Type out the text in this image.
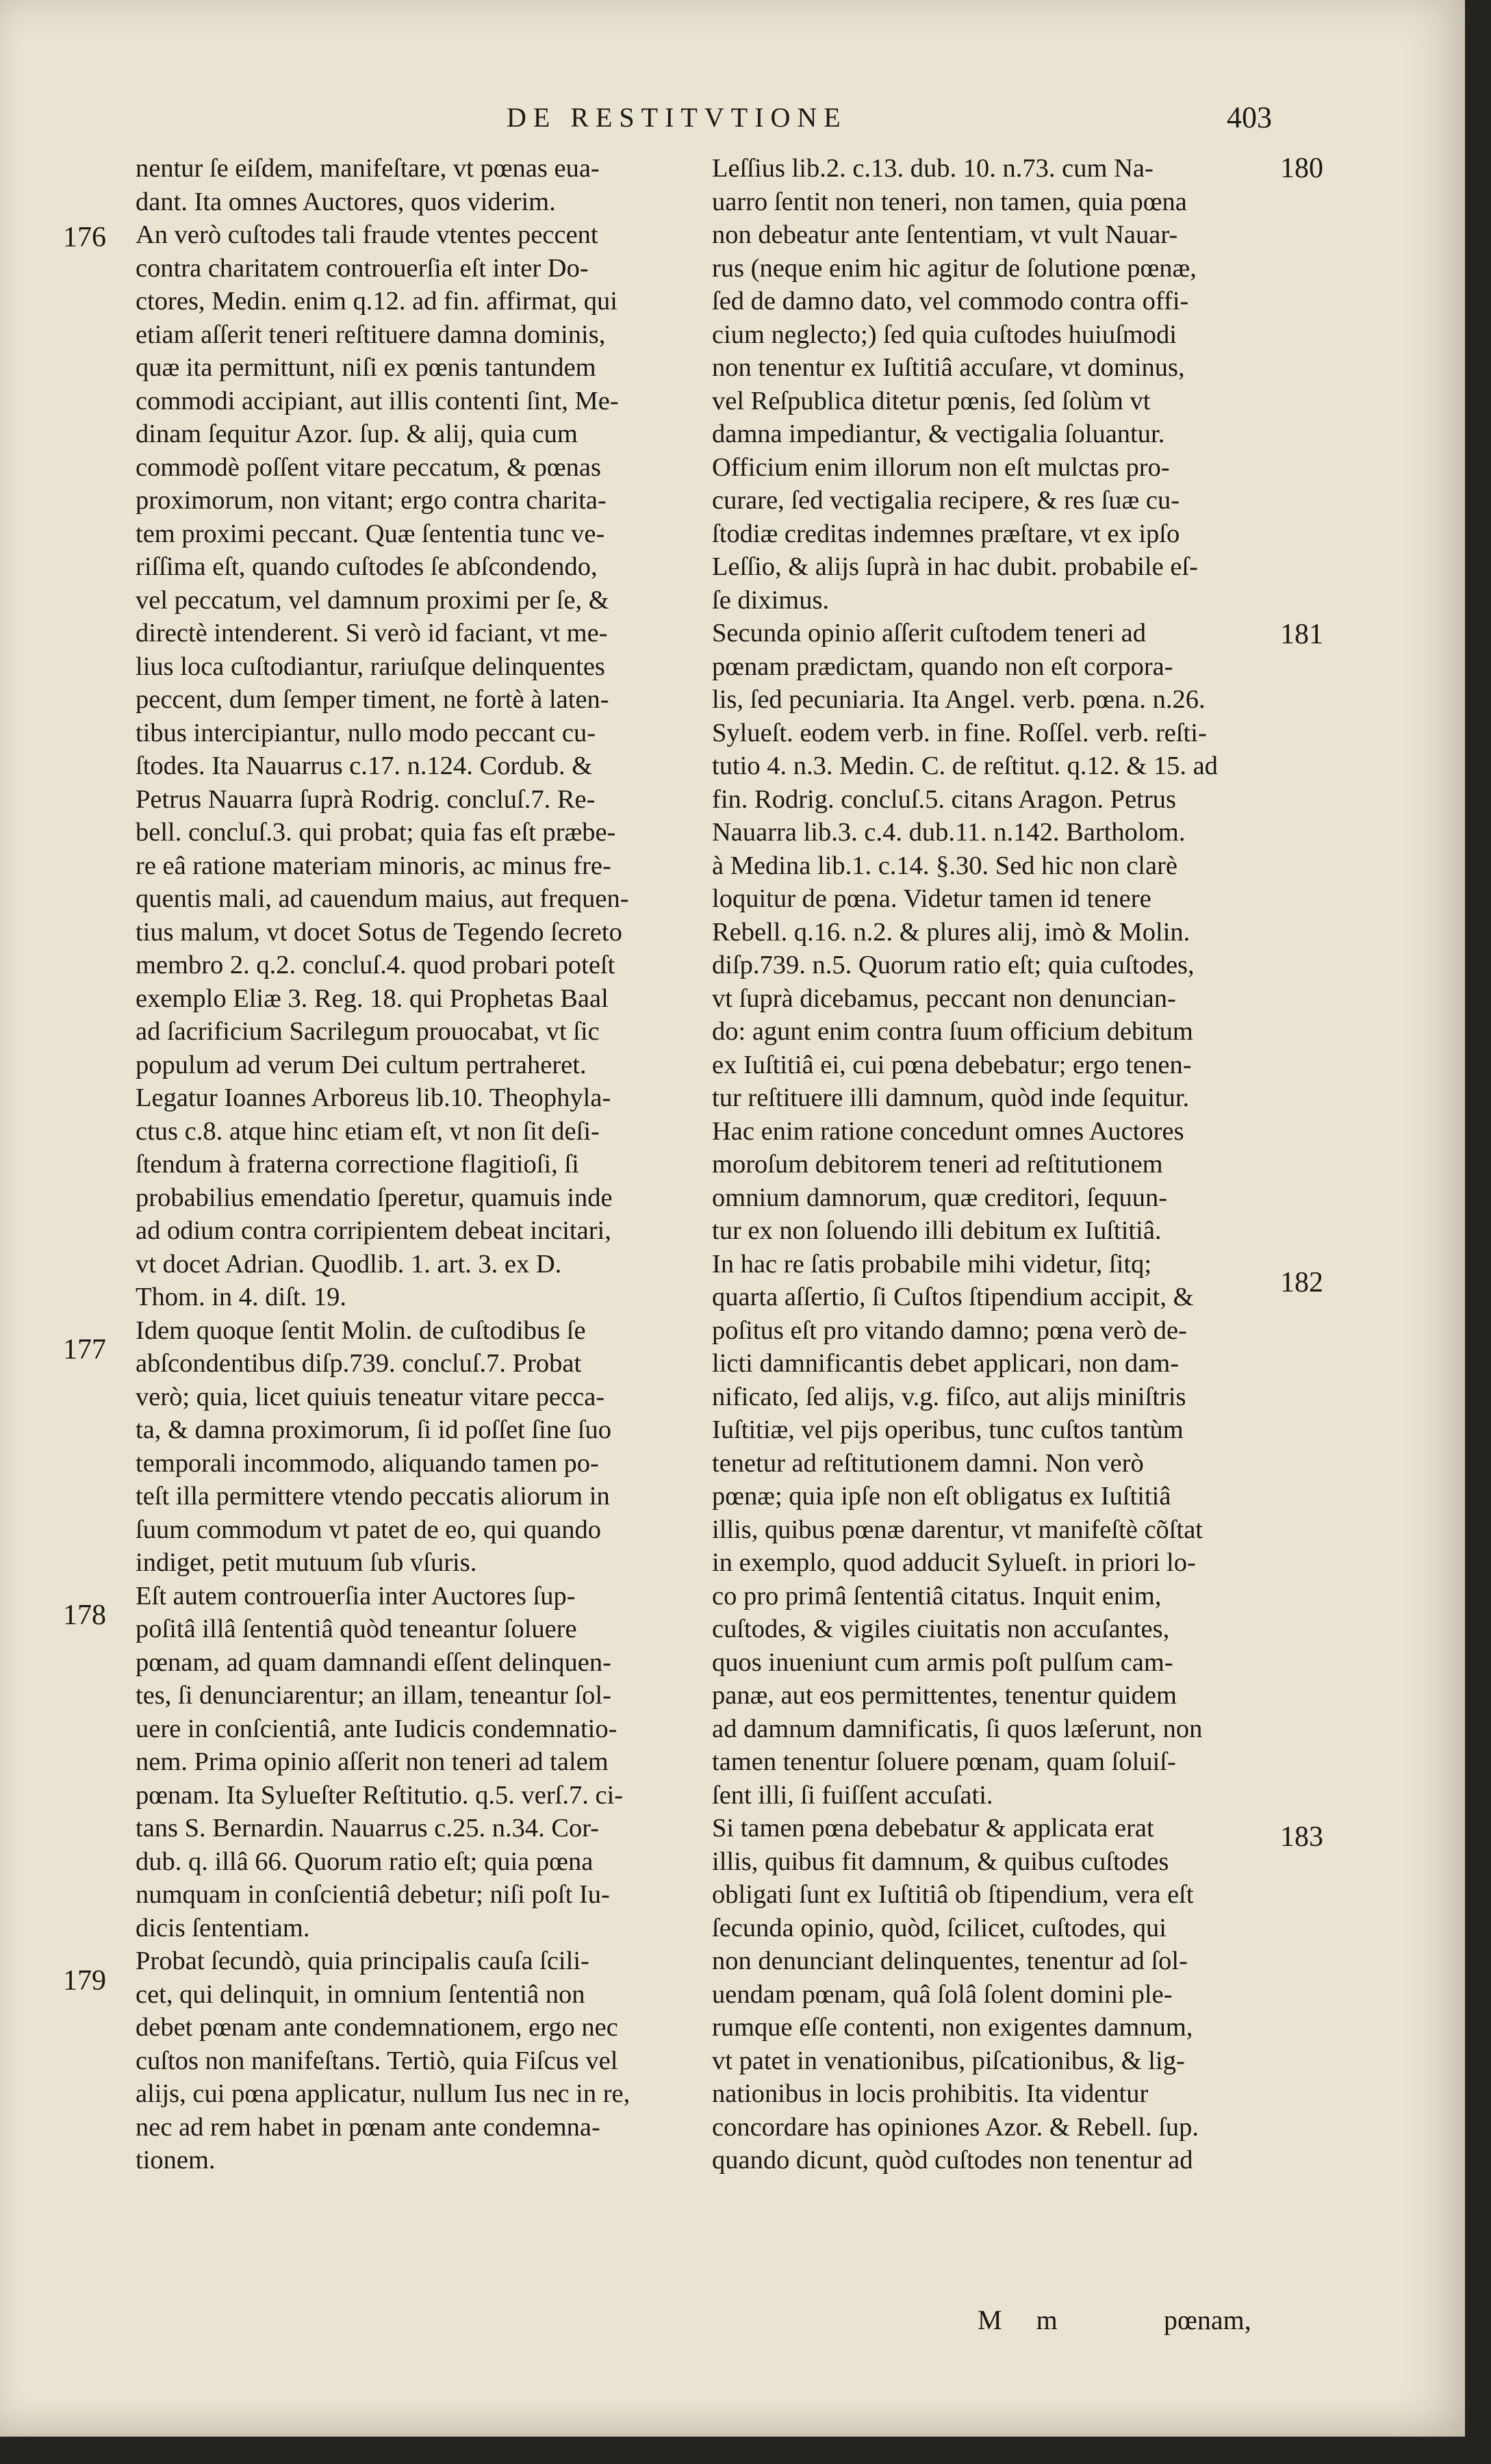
DE RESTITVTIONE	403
nentur ſe eiſdem, manifeſtare, vt pœnas eua-
dant. Ita omnes Auctores, quos viderim.
An verò cuſtodes tali fraude vtentes peccent
contra charitatem controuerſia eſt inter Do-
ctores, Medin. enim q.12. ad fin. affirmat, qui
etiam aſſerit teneri reſtituere damna dominis,
quæ ita permittunt, niſi ex pœnis tantundem
commodi accipiant, aut illis contenti ſint, Me-
dinam ſequitur Azor. ſup. & alij, quia cum
commodè poſſent vitare peccatum, & pœnas
proximorum, non vitant; ergo contra charita-
tem proximi peccant. Quæ ſententia tunc ve-
riſſima eſt, quando cuſtodes ſe abſcondendo,
vel peccatum, vel damnum proximi per ſe, &
directè intenderent. Si verò id faciant, vt me-
lius loca cuſtodiantur, rariuſque delinquentes
peccent, dum ſemper timent, ne fortè à laten-
tibus intercipiantur, nullo modo peccant cu-
ſtodes. Ita Nauarrus c.17. n.124. Cordub. &
Petrus Nauarra ſuprà Rodrig. concluſ.7. Re-
bell. concluſ.3. qui probat; quia fas eſt præbe-
re eâ ratione materiam minoris, ac minus fre-
quentis mali, ad cauendum maius, aut frequen-
tius malum, vt docet Sotus de Tegendo ſecreto
membro 2. q.2. concluſ.4. quod probari poteſt
exemplo Eliæ 3. Reg. 18. qui Prophetas Baal
ad ſacrificium Sacrilegum prouocabat, vt ſic
populum ad verum Dei cultum pertraheret.
Legatur Ioannes Arboreus lib.10. Theophyla-
ctus c.8. atque hinc etiam eſt, vt non ſit deſi-
ſtendum à fraterna correctione flagitioſi, ſi
probabilius emendatio ſperetur, quamuis inde
ad odium contra corripientem debeat incitari,
vt docet Adrian. Quodlib. 1. art. 3. ex D.
Thom. in 4. diſt. 19.
Idem quoque ſentit Molin. de cuſtodibus ſe
abſcondentibus diſp.739. concluſ.7. Probat
verò; quia, licet quiuis teneatur vitare pecca-
ta, & damna proximorum, ſi id poſſet ſine ſuo
temporali incommodo, aliquando tamen po-
teſt illa permittere vtendo peccatis aliorum in
ſuum commodum vt patet de eo, qui quando
indiget, petit mutuum ſub vſuris.
Eſt autem controuerſia inter Auctores ſup-
poſitâ illâ ſententiâ quòd teneantur ſoluere
pœnam, ad quam damnandi eſſent delinquen-
tes, ſi denunciarentur; an illam, teneantur ſol-
uere in conſcientiâ, ante Iudicis condemnatio-
nem. Prima opinio aſſerit non teneri ad talem
pœnam. Ita Sylueſter Reſtitutio. q.5. verſ.7. ci-
tans S. Bernardin. Nauarrus c.25. n.34. Cor-
dub. q. illâ 66. Quorum ratio eſt; quia pœna
numquam in conſcientiâ debetur; niſi poſt Iu-
dicis ſententiam.
Probat ſecundò, quia principalis cauſa ſcili-
cet, qui delinquit, in omnium ſententiâ non
debet pœnam ante condemnationem, ergo nec
cuſtos non manifeſtans. Tertiò, quia Fiſcus vel
alijs, cui pœna applicatur, nullum Ius nec in re,
nec ad rem habet in pœnam ante condemna-
tionem.
Leſſius lib.2. c.13. dub. 10. n.73. cum Na-
uarro ſentit non teneri, non tamen, quia pœna
non debeatur ante ſententiam, vt vult Nauar-
rus (neque enim hic agitur de ſolutione pœnæ,
ſed de damno dato, vel commodo contra offi-
cium neglecto;) ſed quia cuſtodes huiuſmodi
non tenentur ex Iuſtitiâ accuſare, vt dominus,
vel Reſpublica ditetur pœnis, ſed ſolùm vt
damna impediantur, & vectigalia ſoluantur.
Officium enim illorum non eſt mulctas pro-
curare, ſed vectigalia recipere, & res ſuæ cu-
ſtodiæ creditas indemnes præſtare, vt ex ipſo
Leſſio, & alijs ſuprà in hac dubit. probabile eſ-
ſe diximus.
Secunda opinio aſſerit cuſtodem teneri ad
pœnam prædictam, quando non eſt corpora-
lis, ſed pecuniaria. Ita Angel. verb. pœna. n.26.
Sylueſt. eodem verb. in fine. Roſſel. verb. reſti-
tutio 4. n.3. Medin. C. de reſtitut. q.12. & 15. ad
fin. Rodrig. concluſ.5. citans Aragon. Petrus
Nauarra lib.3. c.4. dub.11. n.142. Bartholom.
à Medina lib.1. c.14. §.30. Sed hic non clarè
loquitur de pœna. Videtur tamen id tenere
Rebell. q.16. n.2. & plures alij, imò & Molin.
diſp.739. n.5. Quorum ratio eſt; quia cuſtodes,
vt ſuprà dicebamus, peccant non denuncian-
do: agunt enim contra ſuum officium debitum
ex Iuſtitiâ ei, cui pœna debebatur; ergo tenen-
tur reſtituere illi damnum, quòd inde ſequitur.
Hac enim ratione concedunt omnes Auctores
moroſum debitorem teneri ad reſtitutionem
omnium damnorum, quæ creditori, ſequun-
tur ex non ſoluendo illi debitum ex Iuſtitiâ.
In hac re ſatis probabile mihi videtur, ſitq;
quarta aſſertio, ſi Cuſtos ſtipendium accipit, &
poſitus eſt pro vitando damno; pœna verò de-
licti damnificantis debet applicari, non dam-
nificato, ſed alijs, v.g. fiſco, aut alijs miniſtris
Iuſtitiæ, vel pijs operibus, tunc cuſtos tantùm
tenetur ad reſtitutionem damni. Non verò
pœnæ; quia ipſe non eſt obligatus ex Iuſtitiâ
illis, quibus pœnæ darentur, vt manifeſtè cõſtat
in exemplo, quod adducit Sylueſt. in priori lo-
co pro primâ ſententiâ citatus. Inquit enim,
cuſtodes, & vigiles ciuitatis non accuſantes,
quos inueniunt cum armis poſt pulſum cam-
panæ, aut eos permittentes, tenentur quidem
ad damnum damnificatis, ſi quos læſerunt, non
tamen tenentur ſoluere pœnam, quam ſoluiſ-
ſent illi, ſi fuiſſent accuſati.
Si tamen pœna debebatur & applicata erat
illis, quibus fit damnum, & quibus cuſtodes
obligati ſunt ex Iuſtitiâ ob ſtipendium, vera eſt
ſecunda opinio, quòd, ſcilicet, cuſtodes, qui
non denunciant delinquentes, tenentur ad ſol-
uendam pœnam, quâ ſolâ ſolent domini ple-
rumque eſſe contenti, non exigentes damnum,
vt patet in venationibus, piſcationibus, & lig-
nationibus in locis prohibitis. Ita videntur
concordare has opiniones Azor. & Rebell. ſup.
quando dicunt, quòd cuſtodes non tenentur ad
176
177
178
179
180
181
182
183
M m	pœnam,
